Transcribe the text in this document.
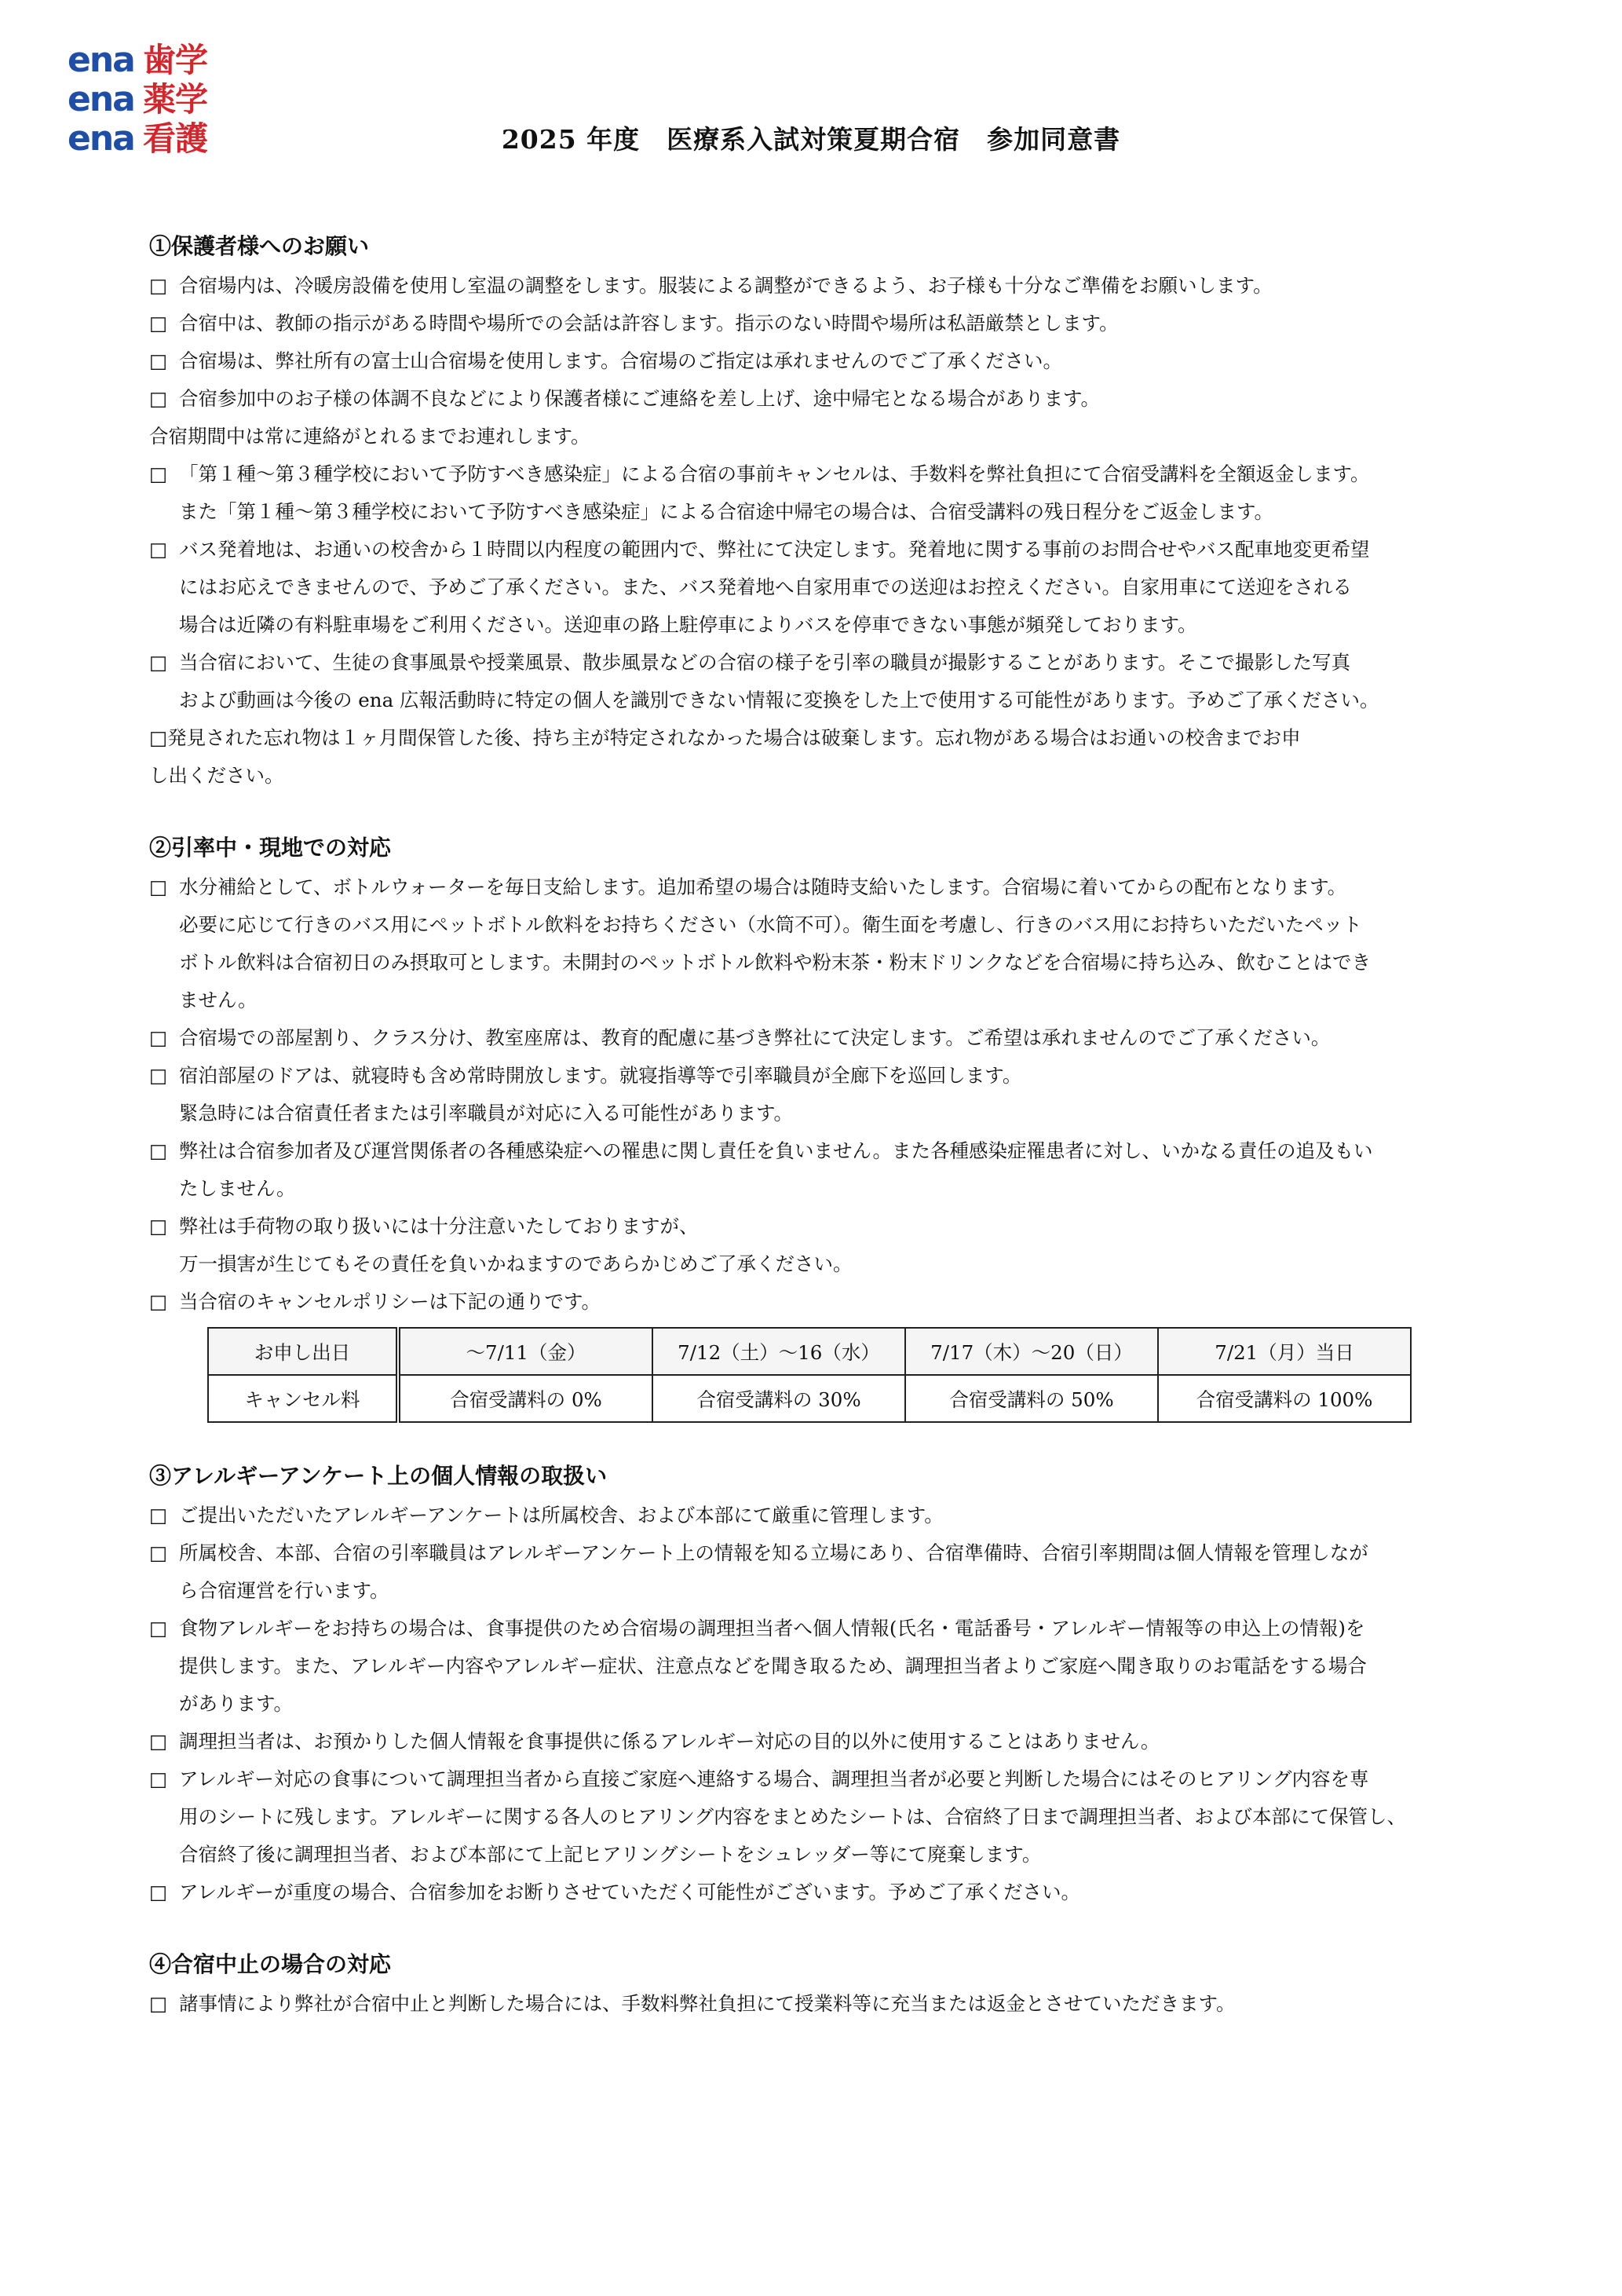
ena 歯学
ena 薬学
ena 看護	2025 年度　医療系入試対策夏期合宿　参加同意書
①保護者様へのお願い
□ 合宿場内は、冷暖房設備を使用し室温の調整をします。服装による調整ができるよう、お子様も十分なご準備をお願いします。
□ 合宿中は、教師の指示がある時間や場所での会話は許容します。指示のない時間や場所は私語厳禁とします。
□ 合宿場は、弊社所有の富士山合宿場を使用します。合宿場のご指定は承れませんのでご了承ください。
□ 合宿参加中のお子様の体調不良などにより保護者様にご連絡を差し上げ、途中帰宅となる場合があります。
合宿期間中は常に連絡がとれるまでお連れします。
□ 「第１種〜第３種学校において予防すべき感染症」による合宿の事前キャンセルは、手数料を弊社負担にて合宿受講料を全額返金します。

また「第１種〜第３種学校において予防すべき感染症」による合宿途中帰宅の場合は、合宿受講料の残日程分をご返金します。

□ バス発着地は、お通いの校舎から１時間以内程度の範囲内で、弊社にて決定します。発着地に関する事前のお問合せやバス配車地変更希望

にはお応えできませんので、予めご了承ください。また、バス発着地へ自家用車での送迎はお控えください。自家用車にて送迎をされる

場合は近隣の有料駐車場をご利用ください。送迎車の路上駐停車によりバスを停車できない事態が頻発しております。

□ 当合宿において、生徒の食事風景や授業風景、散歩風景などの合宿の様子を引率の職員が撮影することがあります。そこで撮影した写真

および動画は今後の ena 広報活動時に特定の個人を識別できない情報に変換をした上で使用する可能性があります。予めご了承ください。

□発見された忘れ物は１ヶ月間保管した後、持ち主が特定されなかった場合は破棄します。忘れ物がある場合はお通いの校舎までお申
し出ください。
②引率中・現地での対応
□ 水分補給として、ボトルウォーターを毎日支給します。追加希望の場合は随時支給いたします。合宿場に着いてからの配布となります。

必要に応じて行きのバス用にペットボトル飲料をお持ちください（水筒不可）。衛生面を考慮し、行きのバス用にお持ちいただいたペット

ボトル飲料は合宿初日のみ摂取可とします。未開封のペットボトル飲料や粉末茶・粉末ドリンクなどを合宿場に持ち込み、飲むことはでき

ません。

□ 合宿場での部屋割り、クラス分け、教室座席は、教育的配慮に基づき弊社にて決定します。ご希望は承れませんのでご了承ください。
□ 宿泊部屋のドアは、就寝時も含め常時開放します。就寝指導等で引率職員が全廊下を巡回します。
緊急時には合宿責任者または引率職員が対応に入る可能性があります。
□ 弊社は合宿参加者及び運営関係者の各種感染症への罹患に関し責任を負いません。また各種感染症罹患者に対し、いかなる責任の追及もい

たしません。

□ 弊社は手荷物の取り扱いには十分注意いたしておりますが、

万一損害が生じてもその責任を負いかねますのであらかじめご了承ください。

□ 当合宿のキャンセルポリシーは下記の通りです。
お申し出日	〜7/11（金）	7/12（土）〜16（水）	7/17（木）〜20（日）	7/21（月）当日
キャンセル料	合宿受講料の 0%	合宿受講料の 30%	合宿受講料の 50%	合宿受講料の 100%
③アレルギーアンケート上の個人情報の取扱い
□ ご提出いただいたアレルギーアンケートは所属校舎、および本部にて厳重に管理します。
□ 所属校舎、本部、合宿の引率職員はアレルギーアンケート上の情報を知る立場にあり、合宿準備時、合宿引率期間は個人情報を管理しなが

ら合宿運営を行います。

□ 食物アレルギーをお持ちの場合は、食事提供のため合宿場の調理担当者へ個人情報(氏名・電話番号・アレルギー情報等の申込上の情報)を

提供します。また、アレルギー内容やアレルギー症状、注意点などを聞き取るため、調理担当者よりご家庭へ聞き取りのお電話をする場合

があります。

□ 調理担当者は、お預かりした個人情報を食事提供に係るアレルギー対応の目的以外に使用することはありません。
□ アレルギー対応の食事について調理担当者から直接ご家庭へ連絡する場合、調理担当者が必要と判断した場合にはそのヒアリング内容を専

用のシートに残します。アレルギーに関する各人のヒアリング内容をまとめたシートは、合宿終了日まで調理担当者、および本部にて保管し、

合宿終了後に調理担当者、および本部にて上記ヒアリングシートをシュレッダー等にて廃棄します。

□ アレルギーが重度の場合、合宿参加をお断りさせていただく可能性がございます。予めご了承ください。
④合宿中止の場合の対応
□ 諸事情により弊社が合宿中止と判断した場合には、手数料弊社負担にて授業料等に充当または返金とさせていただきます。
